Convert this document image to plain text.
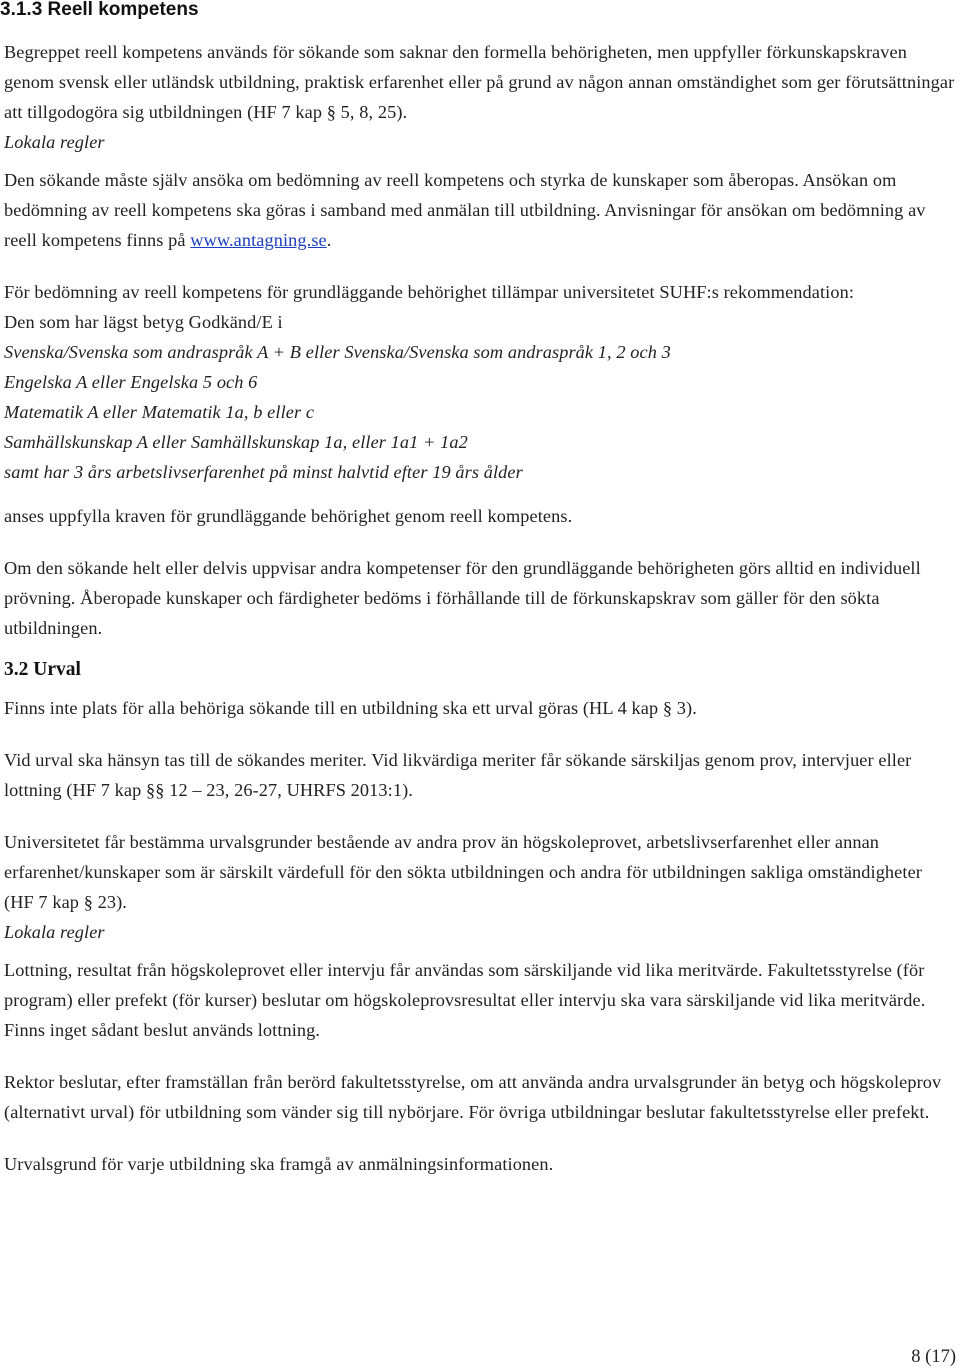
3.1.3 Reell kompetens

Begreppet reell kompetens används för sökande som saknar den formella behörigheten, men uppfyller förkunskapskraven genom svensk eller utländsk utbildning, praktisk erfarenhet eller på grund av någon annan omständighet som ger förutsättningar att tillgodogöra sig utbildningen (HF 7 kap § 5, 8, 25).

Lokala regler

Den sökande måste själv ansöka om bedömning av reell kompetens och styrka de kunskaper som åberopas. Ansökan om bedömning av reell kompetens ska göras i samband med anmälan till utbildning. Anvisningar för ansökan om bedömning av reell kompetens finns på www.antagning.se.

För bedömning av reell kompetens för grundläggande behörighet tillämpar universitetet SUHF:s rekommendation:

Den som har lägst betyg Godkänd/E i

Svenska/Svenska som andraspråk A + B eller Svenska/Svenska som andraspråk 1, 2 och 3

Engelska A eller Engelska 5 och 6

Matematik A eller Matematik 1a, b eller c

Samhällskunskap A eller Samhällskunskap 1a, eller 1a1 + 1a2

samt har 3 års arbetslivserfarenhet på minst halvtid efter 19 års ålder

anses uppfylla kraven för grundläggande behörighet genom reell kompetens.

Om den sökande helt eller delvis uppvisar andra kompetenser för den grundläggande behörigheten görs alltid en individuell prövning. Åberopade kunskaper och färdigheter bedöms i förhållande till de förkunskapskrav som gäller för den sökta utbildningen.

3.2 Urval

Finns inte plats för alla behöriga sökande till en utbildning ska ett urval göras (HL 4 kap § 3).

Vid urval ska hänsyn tas till de sökandes meriter. Vid likvärdiga meriter får sökande särskiljas genom prov, intervjuer eller lottning (HF 7 kap §§ 12 – 23, 26-27, UHRFS 2013:1).

Universitetet får bestämma urvalsgrunder bestående av andra prov än högskoleprovet, arbetslivserfarenhet eller annan erfarenhet/kunskaper som är särskilt värdefull för den sökta utbildningen och andra för utbildningen sakliga omständigheter (HF 7 kap § 23).

Lokala regler

Lottning, resultat från högskoleprovet eller intervju får användas som särskiljande vid lika meritvärde. Fakultetsstyrelse (för program) eller prefekt (för kurser) beslutar om högskoleprovsresultat eller intervju ska vara särskiljande vid lika meritvärde. Finns inget sådant beslut används lottning.

Rektor beslutar, efter framställan från berörd fakultetsstyrelse, om att använda andra urvalsgrunder än betyg och högskoleprov (alternativt urval) för utbildning som vänder sig till nybörjare. För övriga utbildningar beslutar fakultetsstyrelse eller prefekt.

Urvalsgrund för varje utbildning ska framgå av anmälningsinformationen.

8 (17)
